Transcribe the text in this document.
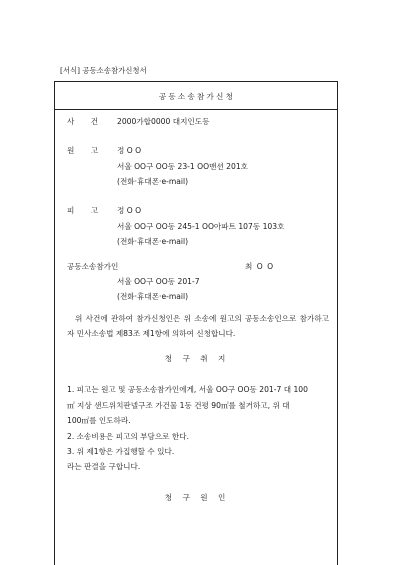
[서식] 공동소송참가신청서
공동소송참가신청
사 건 2000가합0000 대지인도등
원 고 정 O O
서울 OO구 OO동 23-1 OO맨션 201호
(전화·휴대폰·e-mail)
피 고 정 O O
서울 OO구 OO동 245-1 OO아파트 107동 103호
(전화·휴대폰·e-mail)
공동소송참가인	최 O O
서울 OO구 OO동 201-7
(전화·휴대폰·e-mail)
위 사건에 관하여 참가신청인은 위 소송에 원고의 공동소송인으로 참가하고자 민사소송법 제83조 제1항에 의하여 신청합니다.
청 구 취 지
1. 피고는 원고 및 공동소송참가인에게, 서울 OO구 OO동 201-7 대 100
㎡ 지상 샌드위치판넬구조 가건물 1동 건평 90㎡를 철거하고, 위 대
100㎡를 인도하라.
2. 소송비용은 피고의 부담으로 한다.
3. 위 제1항은 가집행할 수 있다.
라는 판결을 구합니다.
청 구 원 인
